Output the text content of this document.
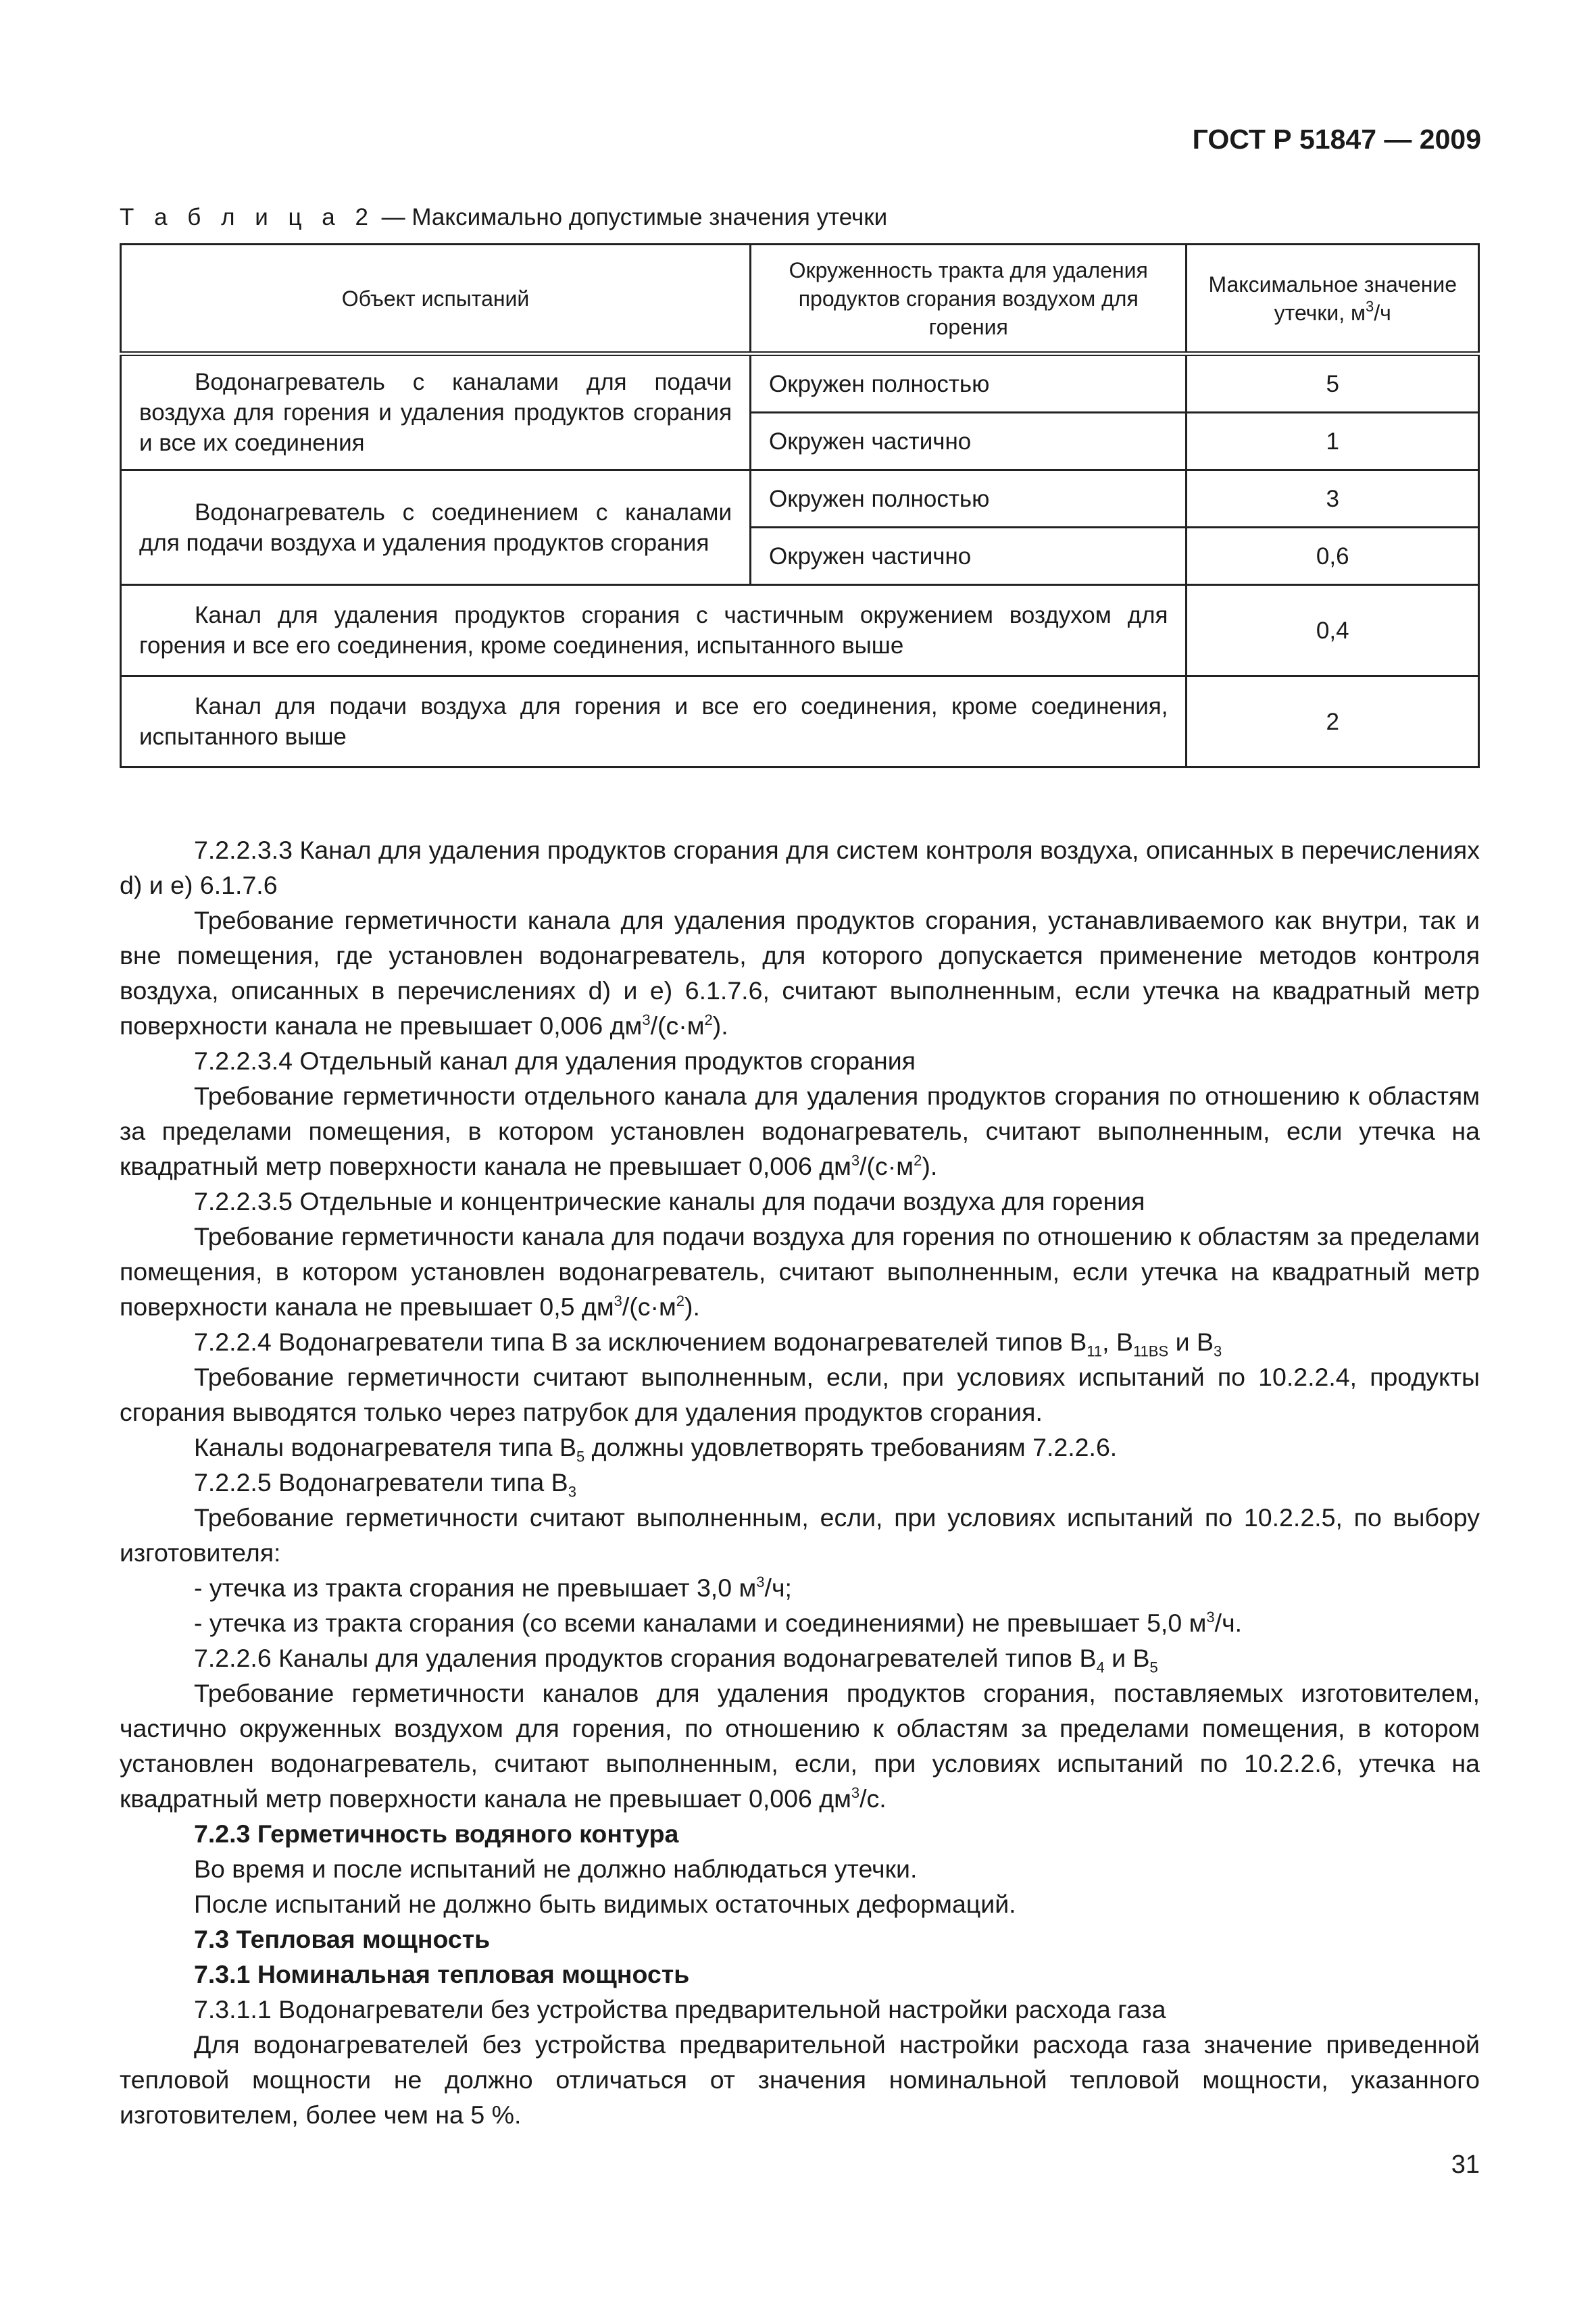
ГОСТ Р 51847 — 2009
Т а б л и ц а 2 — Максимально допустимые значения утечки
Объект испытаний	Окруженность тракта для удаления продуктов сгорания воздухом для горения	Максимальное значение утечки, $м^3/ч$
Водонагреватель с каналами для подачи воздуха для горения и удаления продуктов сгорания и все их соединения	Окружен полностью	5
	Окружен частично	1
Водонагреватель с соединением с каналами для подачи воздуха и удаления продуктов сгорания	Окружен полностью	3
	Окружен частично	0,6
Канал для удаления продуктов сгорания с частичным окружением воздухом для горения и все его соединения, кроме соединения, испытанного выше		0,4
Канал для подачи воздуха для горения и все его соединения, кроме соединения, испытанного выше		2

7.2.2.3.3 Канал для удаления продуктов сгорания для систем контроля воздуха, описанных в перечислениях d) и е) 6.1.7.6

Требование герметичности канала для удаления продуктов сгорания, устанавливаемого как внутри, так и вне помещения, где установлен водонагреватель, для которого допускается применение методов контроля воздуха, описанных в перечислениях d) и е) 6.1.7.6, считают выполненным, если утечка на квадратный метр поверхности канала не превышает 0,006 $дм^3/(с\cdot м^2)$.

7.2.2.3.4 Отдельный канал для удаления продуктов сгорания

Требование герметичности отдельного канала для удаления продуктов сгорания по отношению к областям за пределами помещения, в котором установлен водонагреватель, считают выполненным, если утечка на квадратный метр поверхности канала не превышает 0,006 $дм^3/(с\cdot м^2)$.

7.2.2.3.5 Отдельные и концентрические каналы для подачи воздуха для горения

Требование герметичности канала для подачи воздуха для горения по отношению к областям за пределами помещения, в котором установлен водонагреватель, считают выполненным, если утечка на квадратный метр поверхности канала не превышает 0,5 $дм^3/(с\cdot м^2)$.

7.2.2.4 Водонагреватели типа В за исключением водонагревателей типов $В_{11}$, $В_{11BS}$ и $В_3$

Требование герметичности считают выполненным, если, при условиях испытаний по 10.2.2.4, продукты сгорания выводятся только через патрубок для удаления продуктов сгорания.

Каналы водонагревателя типа $В_5$ должны удовлетворять требованиям 7.2.2.6.

7.2.2.5 Водонагреватели типа $В_3$

Требование герметичности считают выполненным, если, при условиях испытаний по 10.2.2.5, по выбору изготовителя:

- утечка из тракта сгорания не превышает 3,0 $м^3/ч$;

- утечка из тракта сгорания (со всеми каналами и соединениями) не превышает 5,0 $м^3/ч$.

7.2.2.6 Каналы для удаления продуктов сгорания водонагревателей типов $В_4$ и $В_5$

Требование герметичности каналов для удаления продуктов сгорания, поставляемых изготовителем, частично окруженных воздухом для горения, по отношению к областям за пределами помещения, в котором установлен водонагреватель, считают выполненным, если, при условиях испытаний по 10.2.2.6, утечка на квадратный метр поверхности канала не превышает 0,006 $дм^3/с$.

7.2.3 Герметичность водяного контура

Во время и после испытаний не должно наблюдаться утечки.

После испытаний не должно быть видимых остаточных деформаций.

7.3 Тепловая мощность

7.3.1 Номинальная тепловая мощность

7.3.1.1 Водонагреватели без устройства предварительной настройки расхода газа

Для водонагревателей без устройства предварительной настройки расхода газа значение приведенной тепловой мощности не должно отличаться от значения номинальной тепловой мощности, указанного изготовителем, более чем на 5 %.

31
